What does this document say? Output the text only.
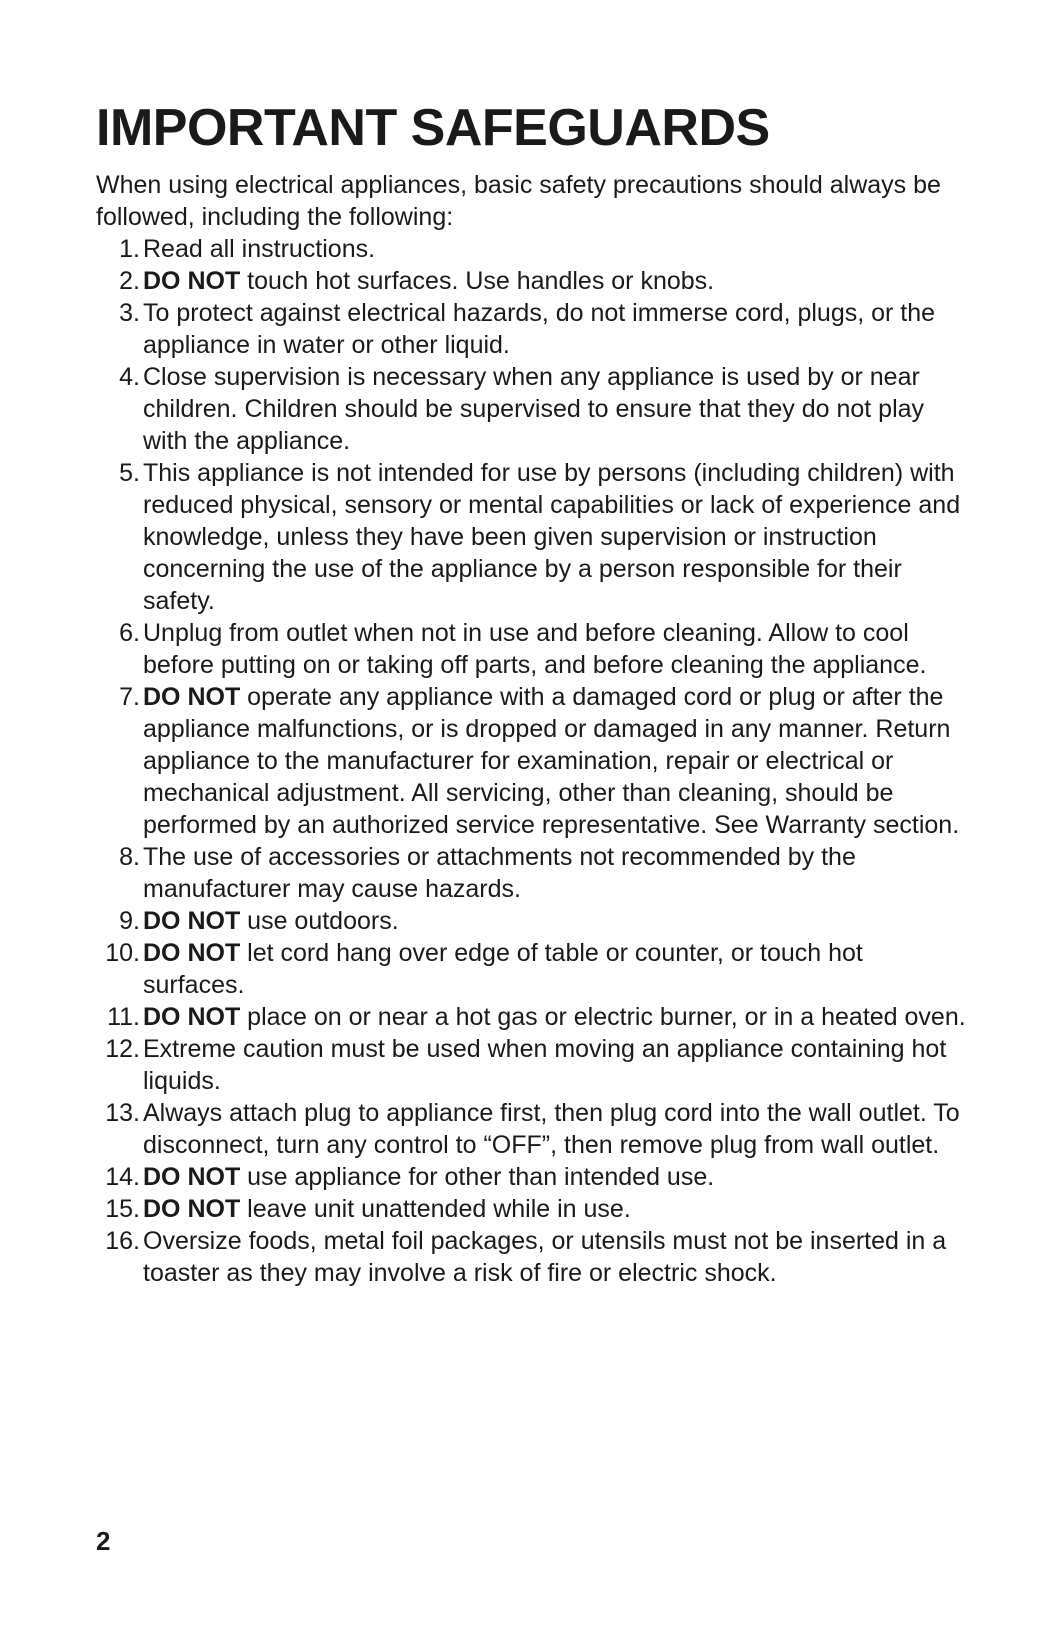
IMPORTANT SAFEGUARDS

When using electrical appliances, basic safety precautions should always be followed, including the following:

1. Read all instructions.
2. DO NOT touch hot surfaces. Use handles or knobs.
3. To protect against electrical hazards, do not immerse cord, plugs, or the appliance in water or other liquid.
4. Close supervision is necessary when any appliance is used by or near children. Children should be supervised to ensure that they do not play with the appliance.
5. This appliance is not intended for use by persons (including children) with reduced physical, sensory or mental capabilities or lack of experience and knowledge, unless they have been given supervision or instruction concerning the use of the appliance by a person responsible for their safety.
6. Unplug from outlet when not in use and before cleaning. Allow to cool before putting on or taking off parts, and before cleaning the appliance.
7. DO NOT operate any appliance with a damaged cord or plug or after the appliance malfunctions, or is dropped or damaged in any manner. Return appliance to the manufacturer for examination, repair or electrical or mechanical adjustment. All servicing, other than cleaning, should be performed by an authorized service representative. See Warranty section.
8. The use of accessories or attachments not recommended by the manufacturer may cause hazards.
9. DO NOT use outdoors.
10. DO NOT let cord hang over edge of table or counter, or touch hot surfaces.
11. DO NOT place on or near a hot gas or electric burner, or in a heated oven.
12. Extreme caution must be used when moving an appliance containing hot liquids.
13. Always attach plug to appliance first, then plug cord into the wall outlet. To disconnect, turn any control to “OFF”, then remove plug from wall outlet.
14. DO NOT use appliance for other than intended use.
15. DO NOT leave unit unattended while in use.
16. Oversize foods, metal foil packages, or utensils must not be inserted in a toaster as they may involve a risk of fire or electric shock.
2
